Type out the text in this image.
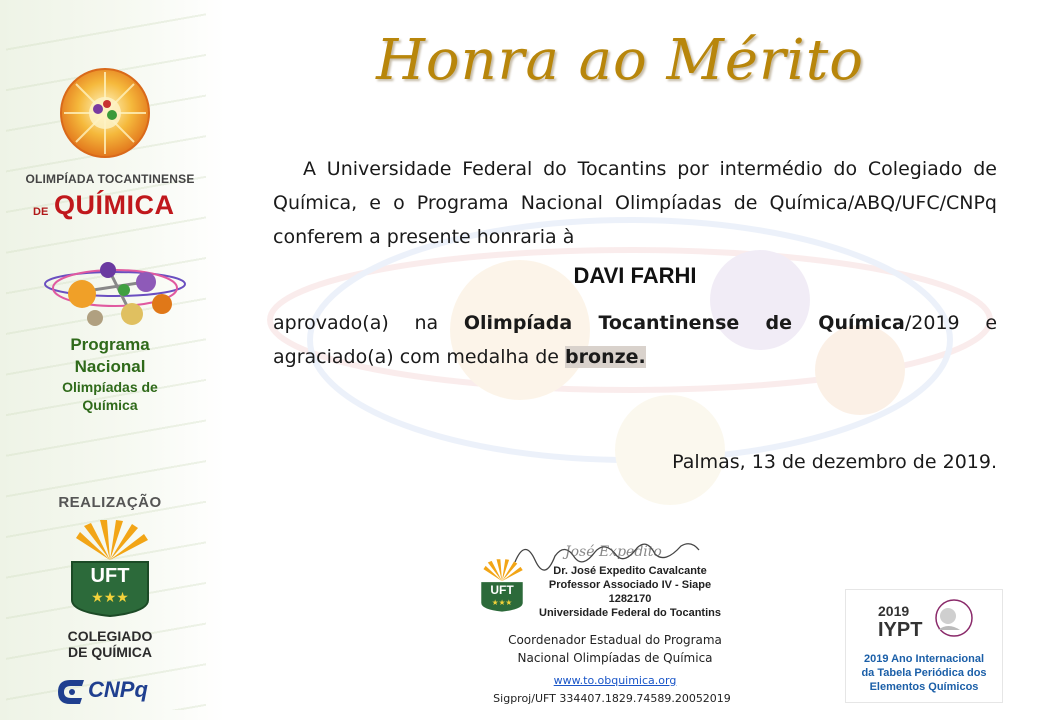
OLIMPÍADA TOCANTINENSE
DE QUÍMICA
Programa
Nacional
Olimpíadas de
Química
REALIZAÇÃO
UFT
★★★
COLEGIADO
DE QUÍMICA
CNPq
Honra ao Mérito
A Universidade Federal do Tocantins por intermédio do Colegiado de Química, e o Programa Nacional Olimpíadas de Química/ABQ/UFC/CNPq conferem a presente honraria à
DAVI FARHI
aprovado(a) na Olimpíada Tocantinense de Química/2019 e agraciado(a) com medalha de bronze.
Palmas, 13 de dezembro de 2019.
José Expedito
UFT
★★★
Dr. José Expedito Cavalcante
Professor Associado IV - Siape 1282170
Universidade Federal do Tocantins
Coordenador Estadual do Programa
Nacional Olimpíadas de Química
www.to.obquimica.org
Sigproj/UFT 334407.1829.74589.20052019
2019
IYPT
2019 Ano Internacional
da Tabela Periódica dos
Elementos Químicos
